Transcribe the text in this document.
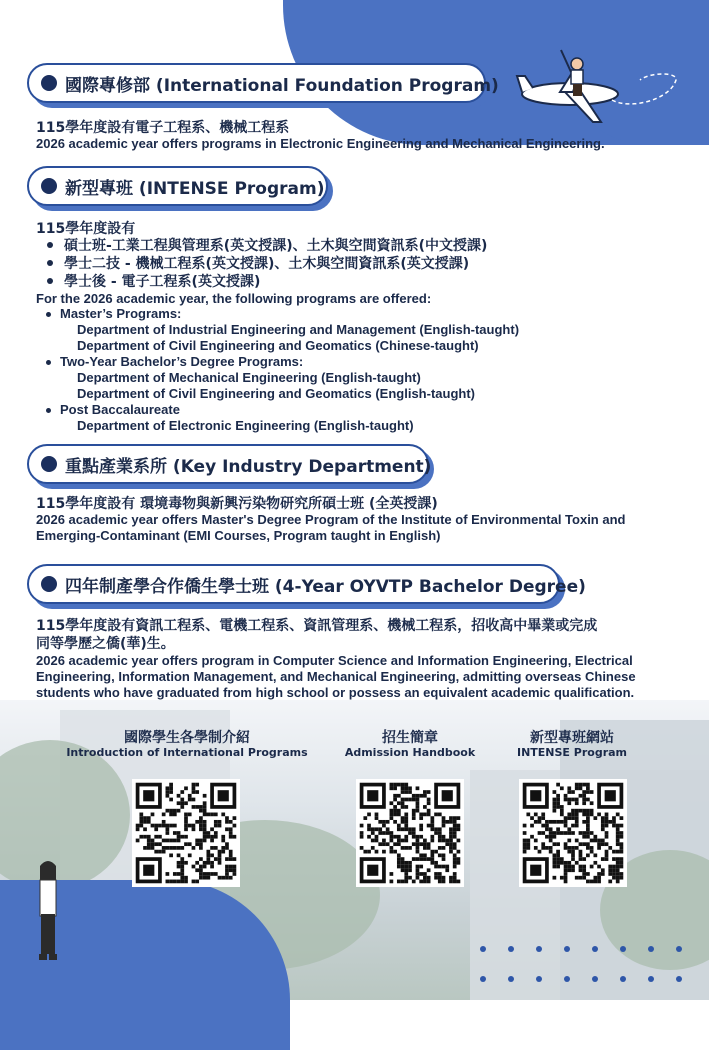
國際專修部 (International Foundation Program)
115學年度設有電子工程系、機械工程系
2026 academic year offers programs in Electronic Engineering and Mechanical Engineering.
新型專班 (INTENSE Program)
115學年度設有
碩士班-工業工程與管理系(英文授課)、土木與空間資訊系(中文授課)
學士二技 - 機械工程系(英文授課)、土木與空間資訊系(英文授課)
學士後 - 電子工程系(英文授課)
For the 2026 academic year, the following programs are offered:
Master’s Programs:
Department of Industrial Engineering and Management (English-taught)
Department of Civil Engineering and Geomatics (Chinese-taught)
Two-Year Bachelor’s Degree Programs:
Department of Mechanical Engineering (English-taught)
Department of Civil Engineering and Geomatics (English-taught)
Post Baccalaureate
Department of Electronic Engineering (English-taught)
重點產業系所 (Key Industry Department)
115學年度設有 環境毒物與新興污染物研究所碩士班 (全英授課)
2026 academic year offers Master's Degree Program of the Institute of Environmental Toxin and
Emerging-Contaminant (EMI Courses, Program taught in English)
四年制產學合作僑生學士班 (4-Year OYVTP Bachelor Degree)
115學年度設有資訊工程系、電機工程系、資訊管理系、機械工程系，招收高中畢業或完成
同等學歷之僑(華)生。
2026 academic year offers program in Computer Science and Information Engineering, Electrical
Engineering, Information Management, and Mechanical Engineering, admitting overseas Chinese
students who have graduated from high school or possess an equivalent academic qualification.
國際學生各學制介紹
Introduction of International Programs
招生簡章
Admission Handbook
新型專班網站
INTENSE Program
